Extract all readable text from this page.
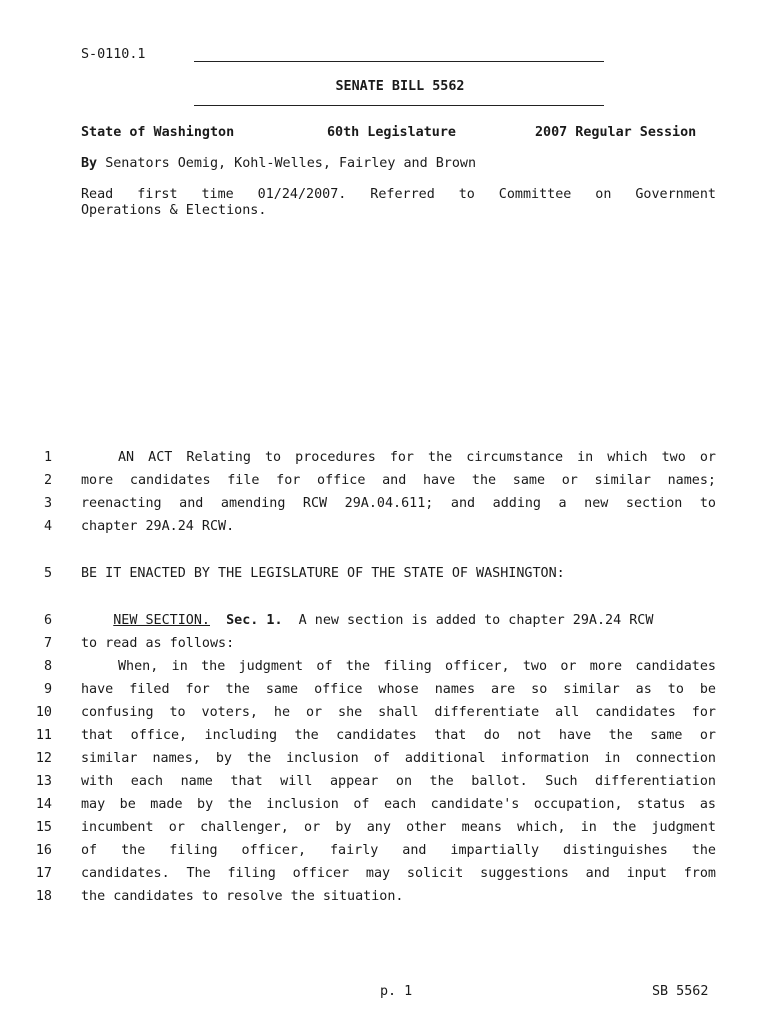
S-0110.1
SENATE BILL 5562
State of Washington	60th Legislature	2007 Regular Session
By Senators Oemig, Kohl-Welles, Fairley and Brown
Read first time 01/24/2007. Referred to Committee on Government
Operations & Elections.
1	AN ACT Relating to procedures for the circumstance in which two or
2 more candidates file for office and have the same or similar names;
3 reenacting and amending RCW 29A.04.611; and adding a new section to
4 chapter 29A.24 RCW.
5 BE IT ENACTED BY THE LEGISLATURE OF THE STATE OF WASHINGTON:
6	NEW SECTION. Sec. 1.  A new section is added to chapter 29A.24 RCW
7 to read as follows:
8	When, in the judgment of the filing officer, two or more candidates
9 have filed for the same office whose names are so similar as to be
10 confusing to voters, he or she shall differentiate all candidates for
11 that office, including the candidates that do not have the same or
12 similar names, by the inclusion of additional information in connection
13 with each name that will appear on the ballot. Such differentiation
14 may be made by the inclusion of each candidate's occupation, status as
15 incumbent or challenger, or by any other means which, in the judgment
16 of the filing officer, fairly and impartially distinguishes the
17 candidates. The filing officer may solicit suggestions and input from
18 the candidates to resolve the situation.
p. 1	SB 5562
